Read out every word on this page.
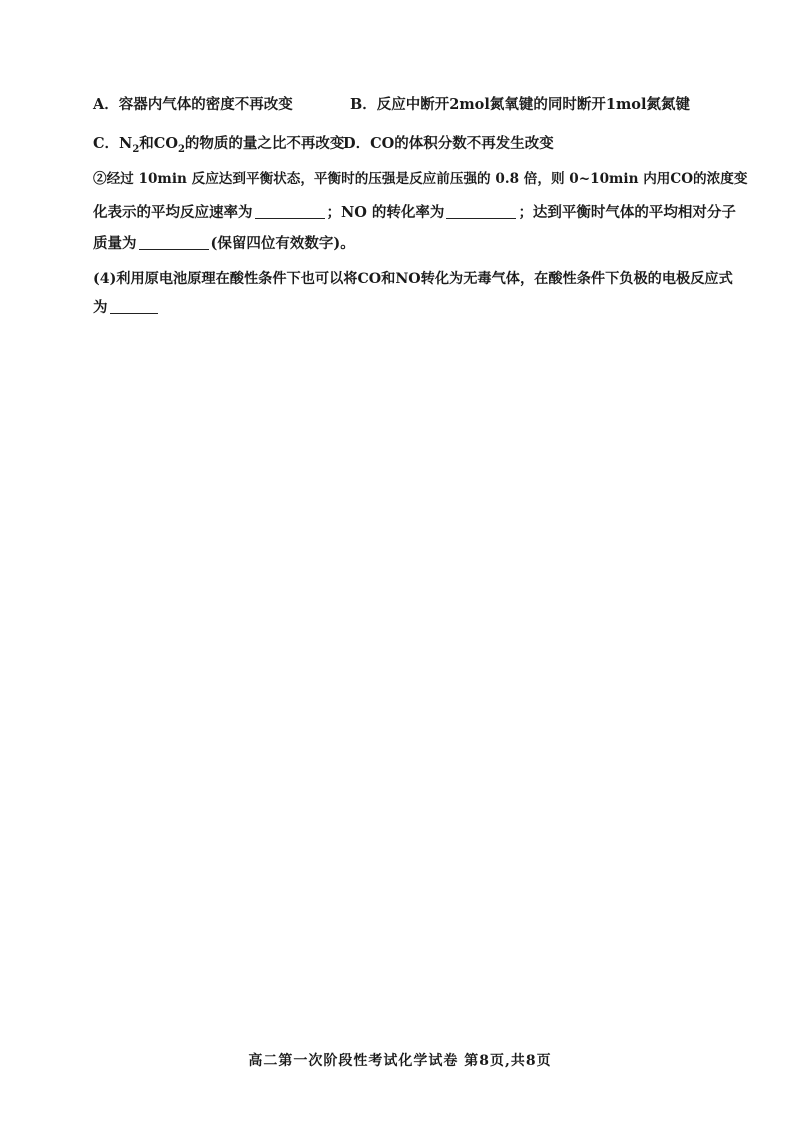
A．容器内气体的密度不再改变	B．反应中断开2mol氮氧键的同时断开1mol氮氮键
C．$N_2$和$CO_2$的物质的量之比不再改变
D．CO的体积分数不再发生改变
②经过 10min 反应达到平衡状态，平衡时的压强是反应前压强的 0.8 倍，则 0~10min 内用CO的浓度变
化表示的平均反应速率为	；NO 的转化率为	；达到平衡时气体的平均相对分子
质量为	(保留四位有效数字)。
(4)利用原电池原理在酸性条件下也可以将CO和NO转化为无毒气体，在酸性条件下负极的电极反应式
为
高二第一次阶段性考试化学试卷 第8页,共8页
